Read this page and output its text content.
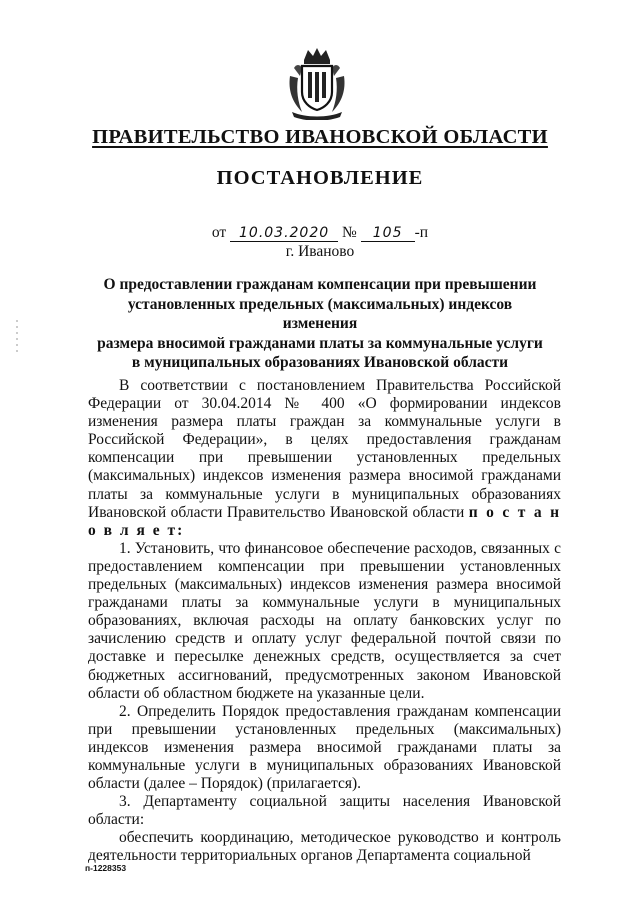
ПРАВИТЕЛЬСТВО ИВАНОВСКОЙ ОБЛАСТИ
ПОСТАНОВЛЕНИЕ
от 10.03.2020 № 105 -п
г. Иваново
О предоставлении гражданам компенсации при превышении
установленных предельных (максимальных) индексов изменения
размера вносимой гражданами платы за коммунальные услуги
в муниципальных образованиях Ивановской области

В соответствии с постановлением Правительства Российской Федерации от 30.04.2014 № 400 «О формировании индексов изменения размера платы граждан за коммунальные услуги в Российской Федерации», в целях предоставления гражданам компенсации при превышении установленных предельных (максимальных) индексов изменения размера вносимой гражданами платы за коммунальные услуги в муниципальных образованиях Ивановской области Правительство Ивановской области п о с т а н о в л я е т:

1. Установить, что финансовое обеспечение расходов, связанных с предоставлением компенсации при превышении установленных предельных (максимальных) индексов изменения размера вносимой гражданами платы за коммунальные услуги в муниципальных образованиях, включая расходы на оплату банковских услуг по зачислению средств и оплату услуг федеральной почтой связи по доставке и пересылке денежных средств, осуществляется за счет бюджетных ассигнований, предусмотренных законом Ивановской области об областном бюджете на указанные цели.

2. Определить Порядок предоставления гражданам компенсации при превышении установленных предельных (максимальных) индексов изменения размера вносимой гражданами платы за коммунальные услуги в муниципальных образованиях Ивановской области (далее – Порядок) (прилагается).

3. Департаменту социальной защиты населения Ивановской области:

обеспечить координацию, методическое руководство и контроль деятельности территориальных органов Департамента социальной

п-1228353
